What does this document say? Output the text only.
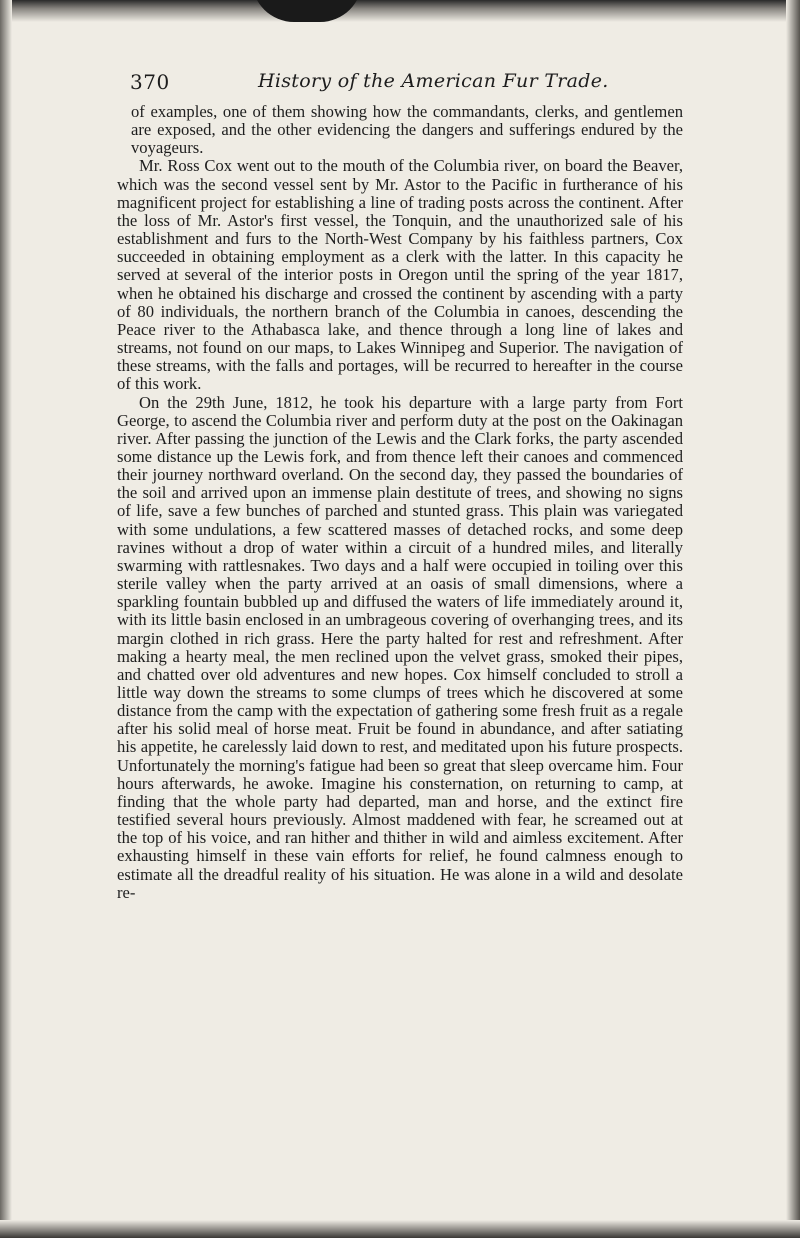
370	History of the American Fur Trade.

of examples, one of them showing how the commandants, clerks, and gentlemen are exposed, and the other evidencing the dangers and sufferings endured by the voyageurs.

Mr. Ross Cox went out to the mouth of the Columbia river, on board the Beaver, which was the second vessel sent by Mr. Astor to the Pacific in furtherance of his magnificent project for establishing a line of trading posts across the continent. After the loss of Mr. Astor's first vessel, the Tonquin, and the unauthorized sale of his establishment and furs to the North-West Company by his faithless partners, Cox succeeded in obtaining employment as a clerk with the latter. In this capacity he served at several of the interior posts in Oregon until the spring of the year 1817, when he obtained his discharge and crossed the continent by ascending with a party of 80 individuals, the northern branch of the Columbia in canoes, descending the Peace river to the Athabasca lake, and thence through a long line of lakes and streams, not found on our maps, to Lakes Winnipeg and Superior. The navigation of these streams, with the falls and portages, will be recurred to hereafter in the course of this work.

On the 29th June, 1812, he took his departure with a large party from Fort George, to ascend the Columbia river and perform duty at the post on the Oakinagan river. After passing the junction of the Lewis and the Clark forks, the party ascended some distance up the Lewis fork, and from thence left their canoes and commenced their journey northward overland. On the second day, they passed the boundaries of the soil and arrived upon an immense plain destitute of trees, and showing no signs of life, save a few bunches of parched and stunted grass. This plain was variegated with some undulations, a few scattered masses of detached rocks, and some deep ravines without a drop of water within a circuit of a hundred miles, and literally swarming with rattlesnakes. Two days and a half were occupied in toiling over this sterile valley when the party arrived at an oasis of small dimensions, where a sparkling fountain bubbled up and diffused the waters of life immediately around it, with its little basin enclosed in an umbrageous covering of overhanging trees, and its margin clothed in rich grass. Here the party halted for rest and refreshment. After making a hearty meal, the men reclined upon the velvet grass, smoked their pipes, and chatted over old adventures and new hopes. Cox himself concluded to stroll a little way down the streams to some clumps of trees which he discovered at some distance from the camp with the expectation of gathering some fresh fruit as a regale after his solid meal of horse meat. Fruit be found in abundance, and after satiating his appetite, he carelessly laid down to rest, and meditated upon his future prospects. Unfortunately the morning's fatigue had been so great that sleep overcame him. Four hours afterwards, he awoke. Imagine his consternation, on returning to camp, at finding that the whole party had departed, man and horse, and the extinct fire testified several hours previously. Almost maddened with fear, he screamed out at the top of his voice, and ran hither and thither in wild and aimless excitement. After exhausting himself in these vain efforts for relief, he found calmness enough to estimate all the dreadful reality of his situation. He was alone in a wild and desolate re-
